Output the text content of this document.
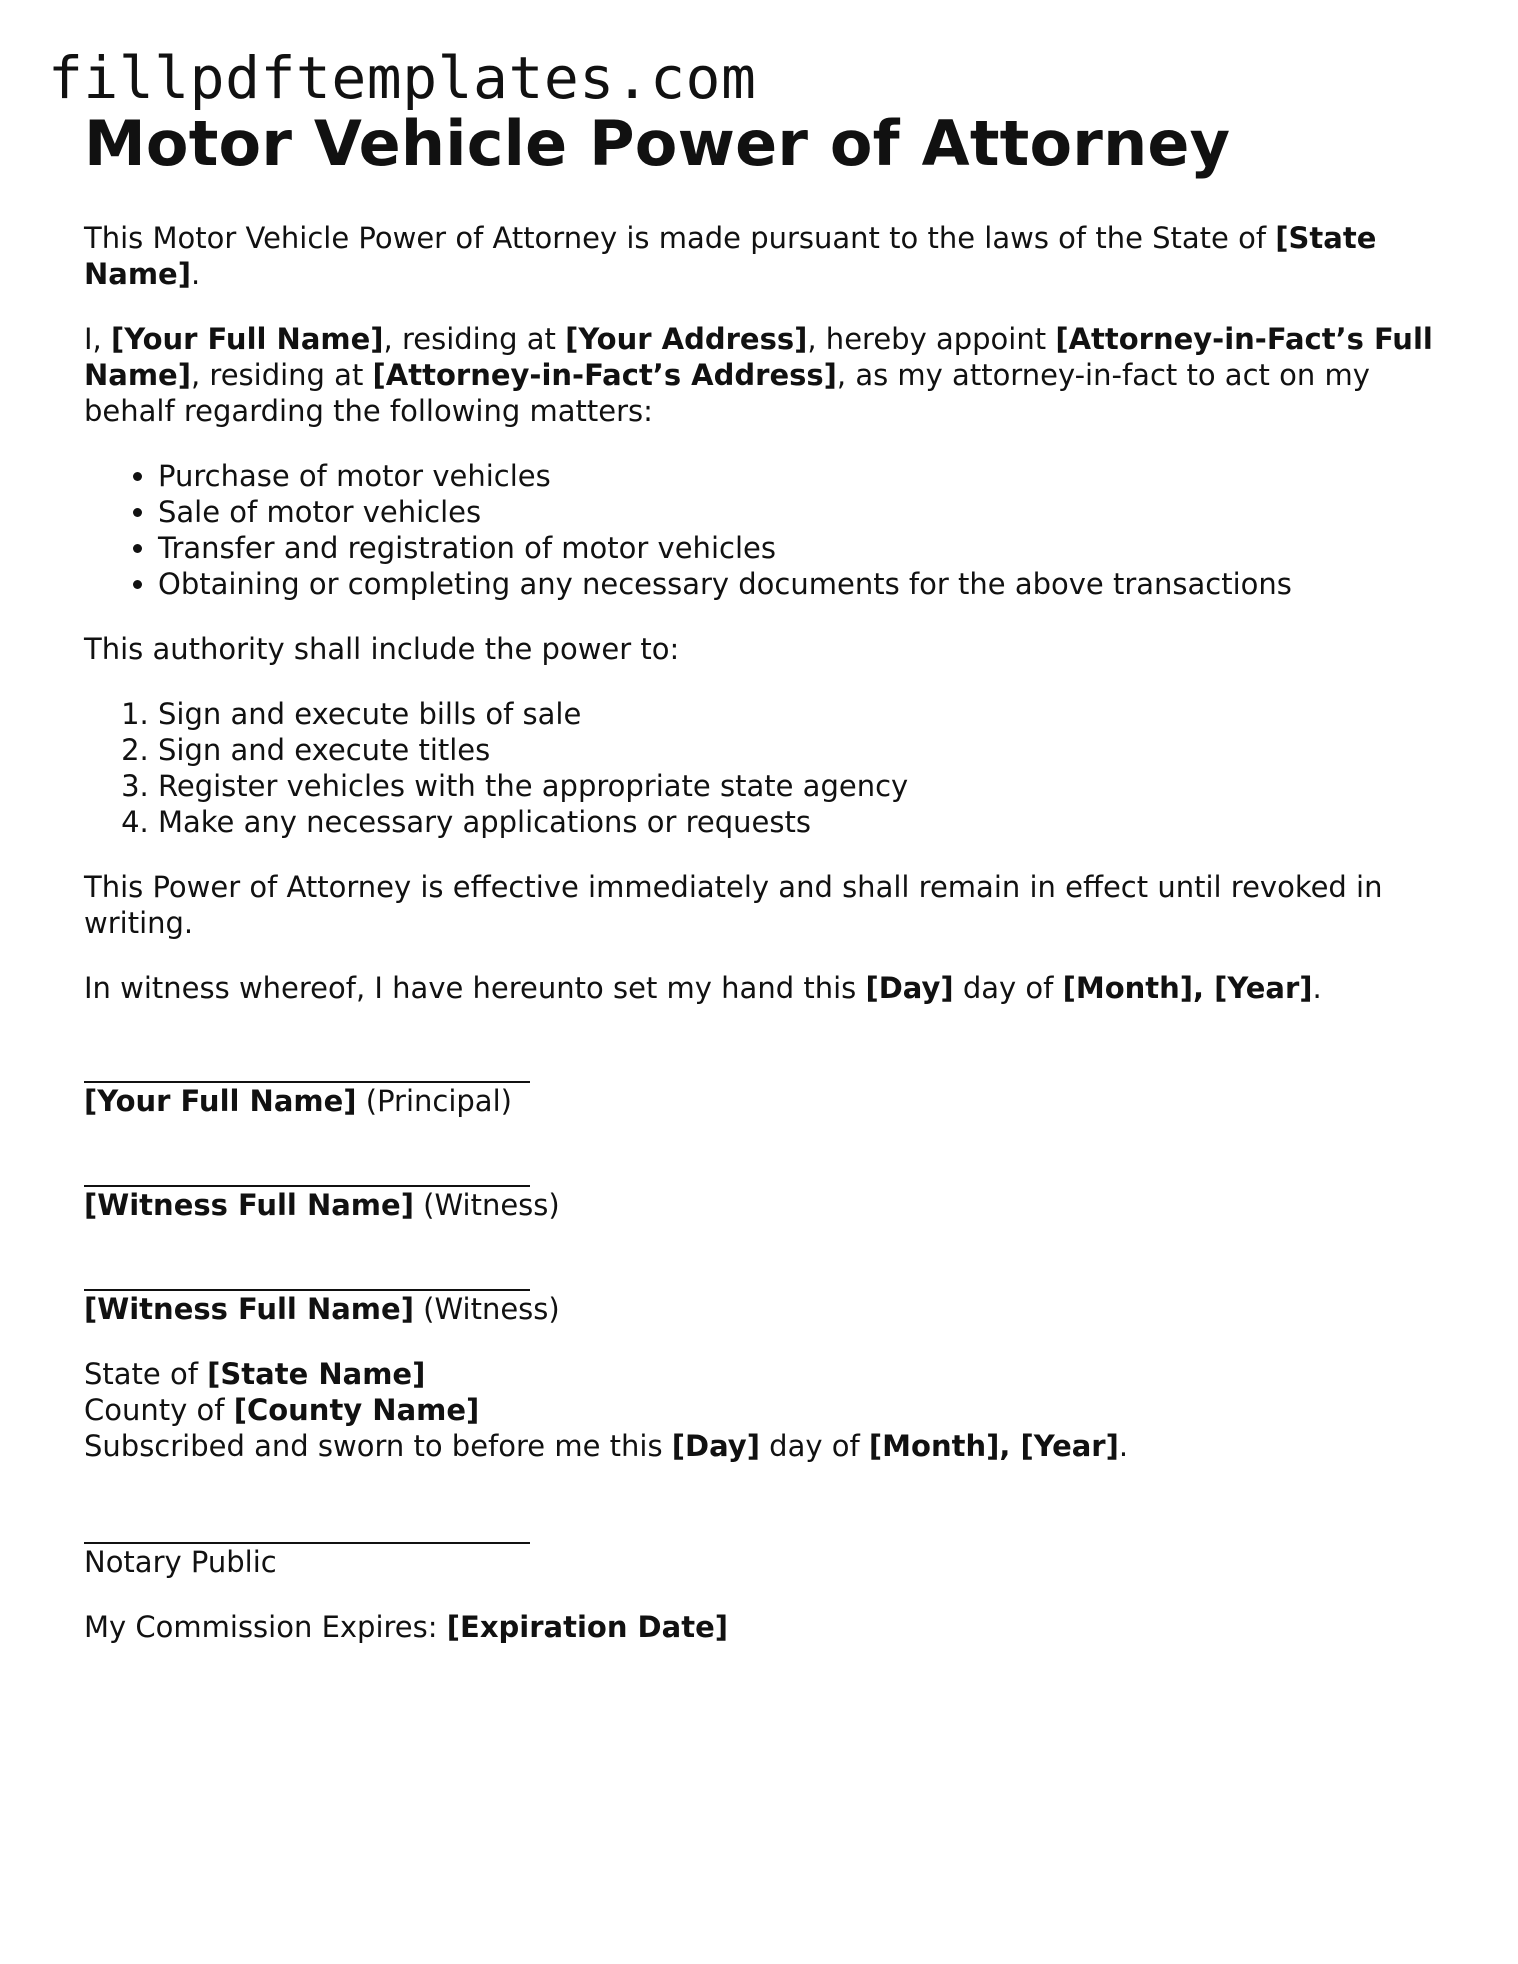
fillpdftemplates.com
Motor Vehicle Power of Attorney

This Motor Vehicle Power of Attorney is made pursuant to the laws of the State of [State Name].

I, [Your Full Name], residing at [Your Address], hereby appoint [Attorney-in-Fact’s Full Name], residing at [Attorney-in-Fact’s Address], as my attorney-in-fact to act on my behalf regarding the following matters:

• Purchase of motor vehicles
• Sale of motor vehicles
• Transfer and registration of motor vehicles
• Obtaining or completing any necessary documents for the above transactions

This authority shall include the power to:

1. Sign and execute bills of sale
2. Sign and execute titles
3. Register vehicles with the appropriate state agency
4. Make any necessary applications or requests

This Power of Attorney is effective immediately and shall remain in effect until revoked in writing.

In witness whereof, I have hereunto set my hand this [Day] day of [Month], [Year].

[Your Full Name] (Principal)
[Witness Full Name] (Witness)
[Witness Full Name] (Witness)
State of [State Name]
County of [County Name]
Subscribed and sworn to before me this [Day] day of [Month], [Year].
Notary Public
My Commission Expires: [Expiration Date]
